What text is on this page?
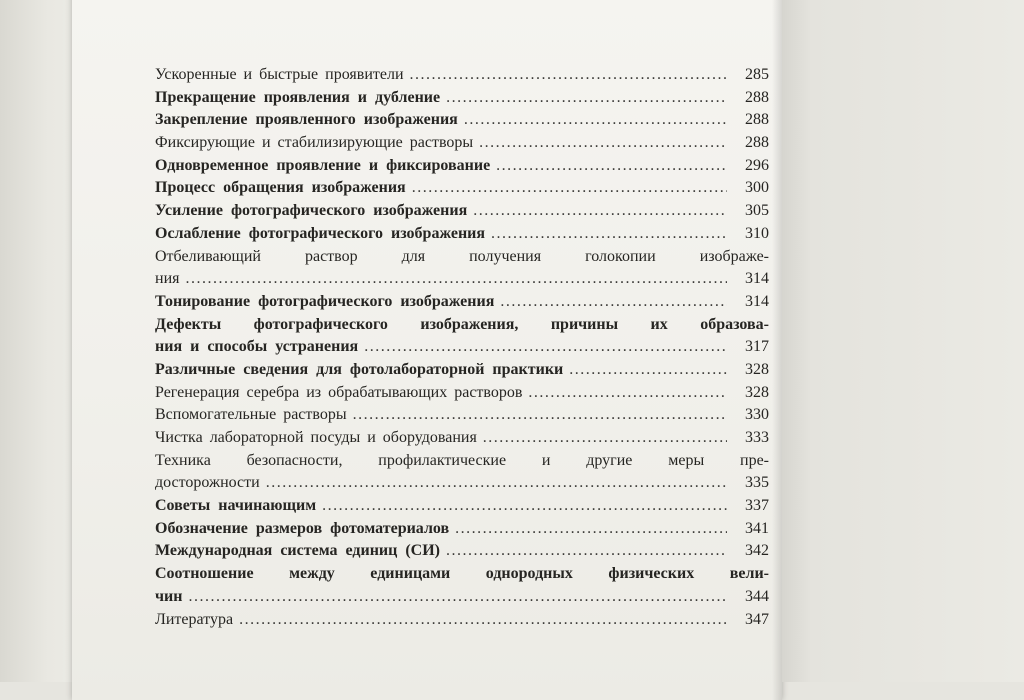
Ускоренные и быстрые проявители .....	285
Прекращение проявления и дубление .....	288
Закрепление проявленного изображения .....	288
Фиксирующие и стабилизирующие растворы .....	288
Одновременное проявление и фиксирование .....	296
Процесс обращения изображения .....	300
Усиление фотографического изображения .....	305
Ослабление фотографического изображения .....	310
Отбеливающий раствор для получения голокопии изображе-
ния .....	314
Тонирование фотографического изображения .....	314
Дефекты фотографического изображения, причины их образова-
ния и способы устранения .....	317
Различные сведения для фотолабораторной практики .....	328
Регенерация серебра из обрабатывающих растворов .....	328
Вспомогательные растворы .....	330
Чистка лабораторной посуды и оборудования .....	333
Техника безопасности, профилактические и другие меры пре-
досторожности .....	335
Советы начинающим .....	337
Обозначение размеров фотоматериалов .....	341
Международная система единиц (СИ) .....	342
Соотношение между единицами однородных физических вели-
чин .....	344
Литература .....	347
